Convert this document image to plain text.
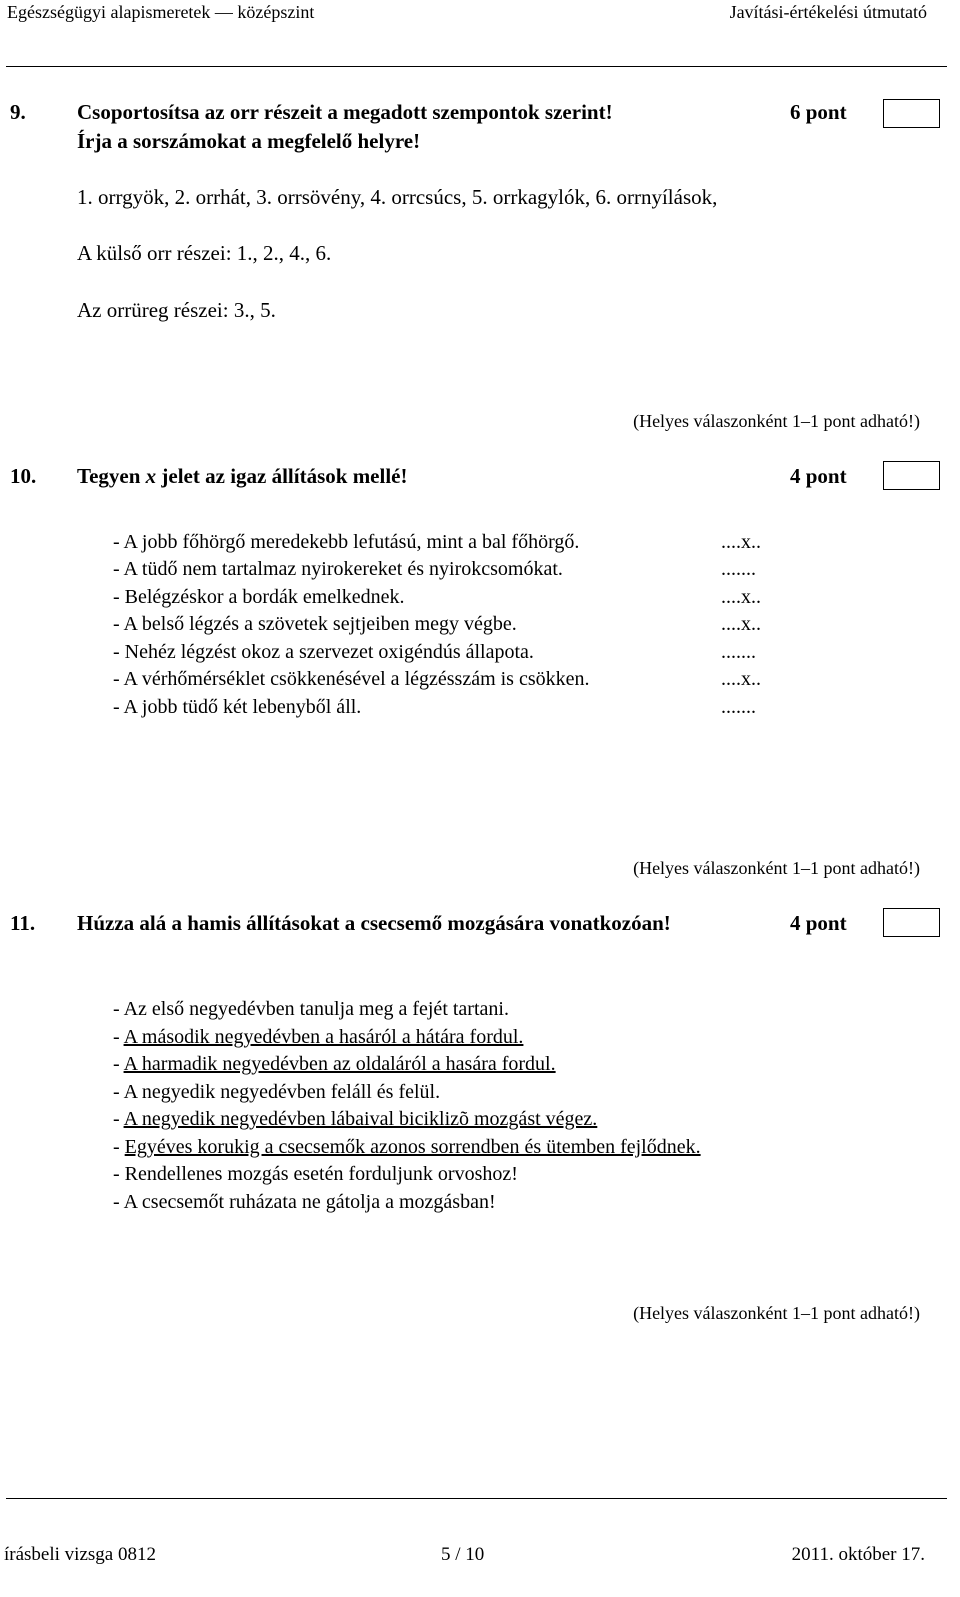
Egészségügyi alapismeretek — középszint	Javítási-értékelési útmutató
9. Csoportosítsa az orr részeit a megadott szempontok szerint!
Írja a sorszámokat a megfelelő helyre!
6 pont
1. orrgyök, 2. orrhát, 3. orrsövény, 4. orrcsúcs, 5. orrkagylók, 6. orrnyílások,
A külső orr részei: 1., 2., 4., 6.
Az orrüreg részei: 3., 5.
(Helyes válaszonként 1–1 pont adható!)
10. Tegyen x jelet az igaz állítások mellé!	4 pont
- A jobb főhörgő meredekebb lefutású, mint a bal főhörgő.	....x..
- A tüdő nem tartalmaz nyirokereket és nyirokcsomókat.	.......
- Belégzéskor a bordák emelkednek.	....x..
- A belső légzés a szövetek sejtjeiben megy végbe.	....x..
- Nehéz légzést okoz a szervezet oxigéndús állapota.	.......
- A vérhőmérséklet csökkenésével a légzésszám is csökken.	....x..
- A jobb tüdő két lebenyből áll.	.......
(Helyes válaszonként 1–1 pont adható!)
11. Húzza alá a hamis állításokat a csecsemő mozgására vonatkozóan!	4 pont
- Az első negyedévben tanulja meg a fejét tartani.
- A második negyedévben a hasáról a hátára fordul.
- A harmadik negyedévben az oldaláról a hasára fordul.
- A negyedik negyedévben feláll és felül.
- A negyedik negyedévben lábaival biciklizõ mozgást végez.
- Egyéves korukig a csecsemők azonos sorrendben és ütemben fejlődnek.
- Rendellenes mozgás esetén forduljunk orvoshoz!
- A csecsemőt ruházata ne gátolja a mozgásban!
(Helyes válaszonként 1–1 pont adható!)
írásbeli vizsga 0812	5 / 10	2011. október 17.
